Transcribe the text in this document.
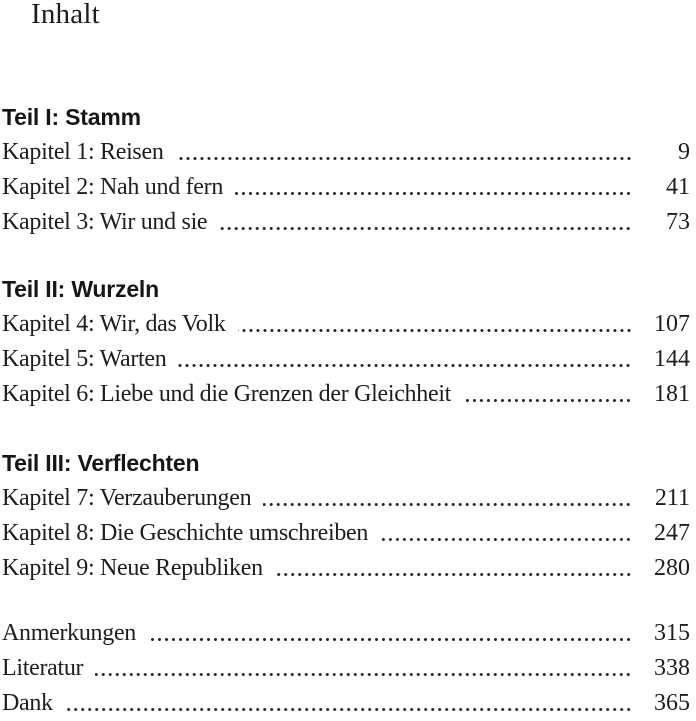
Inhalt
Teil I: Stamm
Kapitel 1: Reisen	9
Kapitel 2: Nah und fern	41
Kapitel 3: Wir und sie	73
Teil II: Wurzeln
Kapitel 4: Wir, das Volk	107
Kapitel 5: Warten	144
Kapitel 6: Liebe und die Grenzen der Gleichheit	181
Teil III: Verflechten
Kapitel 7: Verzauberungen	211
Kapitel 8: Die Geschichte umschreiben	247
Kapitel 9: Neue Republiken	280
Anmerkungen	315
Literatur	338
Dank	365
